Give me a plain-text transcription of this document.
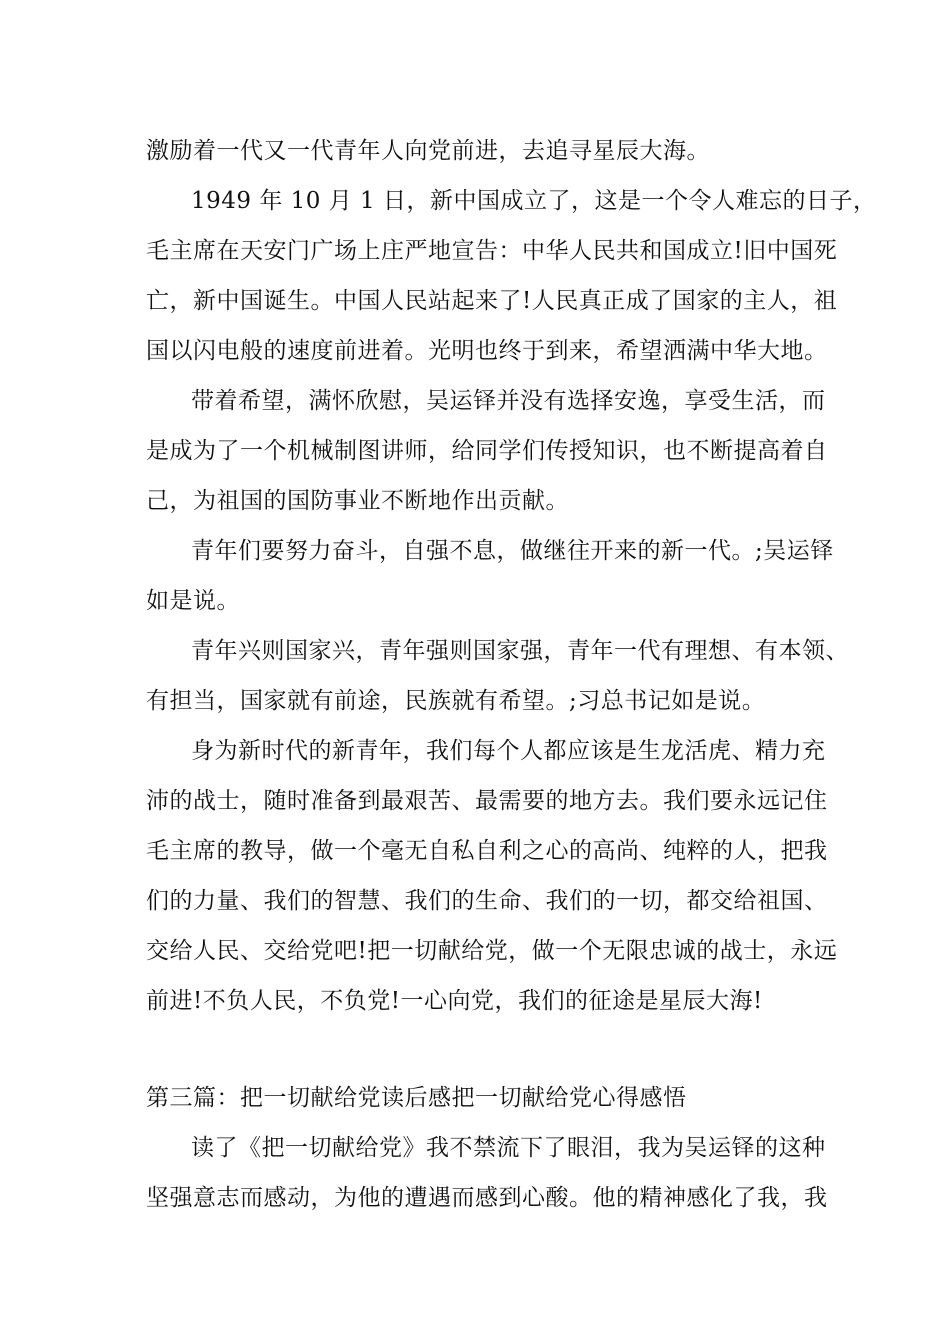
激励着一代又一代青年人向党前进，去追寻星辰大海。
1949 年 10 月 1 日，新中国成立了，这是一个令人难忘的日子，
毛主席在天安门广场上庄严地宣告：中华人民共和国成立!旧中国死
亡，新中国诞生。中国人民站起来了!人民真正成了国家的主人，祖
国以闪电般的速度前进着。光明也终于到来，希望洒满中华大地。
带着希望，满怀欣慰，吴运铎并没有选择安逸，享受生活，而
是成为了一个机械制图讲师，给同学们传授知识，也不断提高着自
己，为祖国的国防事业不断地作出贡献。
青年们要努力奋斗，自强不息，做继往开来的新一代。;吴运铎
如是说。
青年兴则国家兴，青年强则国家强，青年一代有理想、有本领、
有担当，国家就有前途，民族就有希望。;习总书记如是说。
身为新时代的新青年，我们每个人都应该是生龙活虎、精力充
沛的战士，随时准备到最艰苦、最需要的地方去。我们要永远记住
毛主席的教导，做一个毫无自私自利之心的高尚、纯粹的人，把我
们的力量、我们的智慧、我们的生命、我们的一切，都交给祖国、
交给人民、交给党吧!把一切献给党，做一个无限忠诚的战士，永远
前进!不负人民，不负党!一心向党，我们的征途是星辰大海!
第三篇：把一切献给党读后感把一切献给党心得感悟
读了《把一切献给党》我不禁流下了眼泪，我为吴运铎的这种
坚强意志而感动，为他的遭遇而感到心酸。他的精神感化了我，我
